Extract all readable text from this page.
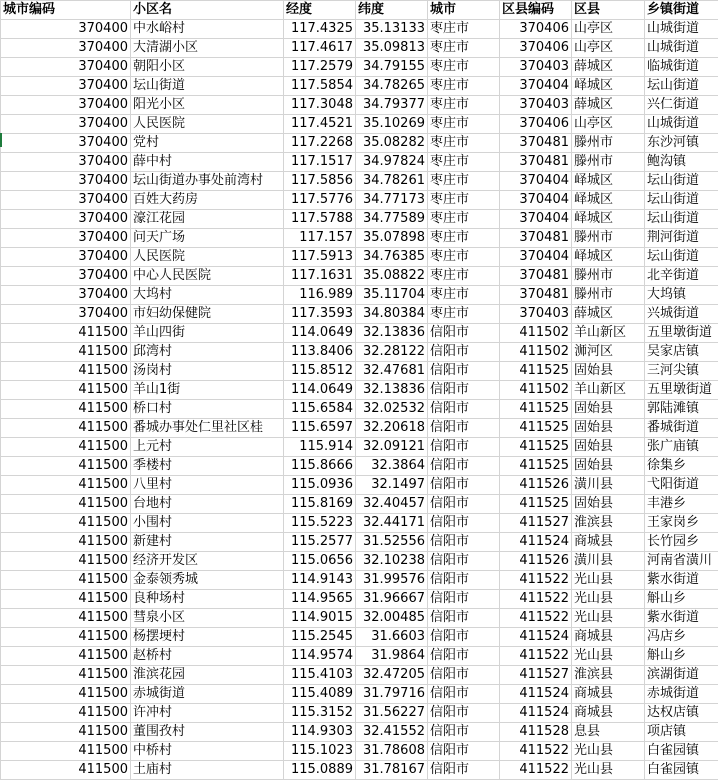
城市编码	小区名	经度	纬度	城市	区县编码	区县	乡镇街道
370400	中水峪村	117.4325	35.13133	枣庄市	370406	山亭区	山城街道
370400	大清湖小区	117.4617	35.09813	枣庄市	370406	山亭区	山城街道
370400	朝阳小区	117.2579	34.79155	枣庄市	370403	薛城区	临城街道
370400	坛山街道	117.5854	34.78265	枣庄市	370404	峄城区	坛山街道
370400	阳光小区	117.3048	34.79377	枣庄市	370403	薛城区	兴仁街道
370400	人民医院	117.4521	35.10269	枣庄市	370406	山亭区	山城街道
370400	党村	117.2268	35.08282	枣庄市	370481	滕州市	东沙河镇
370400	薛中村	117.1517	34.97824	枣庄市	370481	滕州市	鲍沟镇
370400	坛山街道办事处前湾村	117.5856	34.78261	枣庄市	370404	峄城区	坛山街道
370400	百姓大药房	117.5776	34.77173	枣庄市	370404	峄城区	坛山街道
370400	濠江花园	117.5788	34.77589	枣庄市	370404	峄城区	坛山街道
370400	问天广场	117.157	35.07898	枣庄市	370481	滕州市	荆河街道
370400	人民医院	117.5913	34.76385	枣庄市	370404	峄城区	坛山街道
370400	中心人民医院	117.1631	35.08822	枣庄市	370481	滕州市	北辛街道
370400	大坞村	116.989	35.11704	枣庄市	370481	滕州市	大坞镇
370400	市妇幼保健院	117.3593	34.80384	枣庄市	370403	薛城区	兴城街道
411500	羊山四街	114.0649	32.13836	信阳市	411502	羊山新区	五里墩街道
411500	邱湾村	113.8406	32.28122	信阳市	411502	浉河区	吴家店镇
411500	汤岗村	115.8512	32.47681	信阳市	411525	固始县	三河尖镇
411500	羊山1街	114.0649	32.13836	信阳市	411502	羊山新区	五里墩街道
411500	桥口村	115.6584	32.02532	信阳市	411525	固始县	郭陆滩镇
411500	番城办事处仁里社区桂	115.6597	32.20618	信阳市	411525	固始县	番城街道
411500	上元村	115.914	32.09121	信阳市	411525	固始县	张广庙镇
411500	季楼村	115.8666	32.3864	信阳市	411525	固始县	徐集乡
411500	八里村	115.0936	32.1497	信阳市	411526	潢川县	弋阳街道
411500	台地村	115.8169	32.40457	信阳市	411525	固始县	丰港乡
411500	小围村	115.5223	32.44171	信阳市	411527	淮滨县	王家岗乡
411500	新建村	115.2577	31.52556	信阳市	411524	商城县	长竹园乡
411500	经济开发区	115.0656	32.10238	信阳市	411526	潢川县	河南省潢川
411500	金泰领秀城	114.9143	31.99576	信阳市	411522	光山县	紫水街道
411500	良种场村	114.9565	31.96667	信阳市	411522	光山县	斛山乡
411500	彗泉小区	114.9015	32.00485	信阳市	411522	光山县	紫水街道
411500	杨摆埂村	115.2545	31.6603	信阳市	411524	商城县	冯店乡
411500	赵桥村	114.9574	31.9864	信阳市	411522	光山县	斛山乡
411500	淮滨花园	115.4103	32.47205	信阳市	411527	淮滨县	滨湖街道
411500	赤城街道	115.4089	31.79716	信阳市	411524	商城县	赤城街道
411500	许冲村	115.3152	31.56227	信阳市	411524	商城县	达权店镇
411500	董围孜村	114.9303	32.41552	信阳市	411528	息县	项店镇
411500	中桥村	115.1023	31.78608	信阳市	411522	光山县	白雀园镇
411500	土庙村	115.0889	31.78167	信阳市	411522	光山县	白雀园镇
